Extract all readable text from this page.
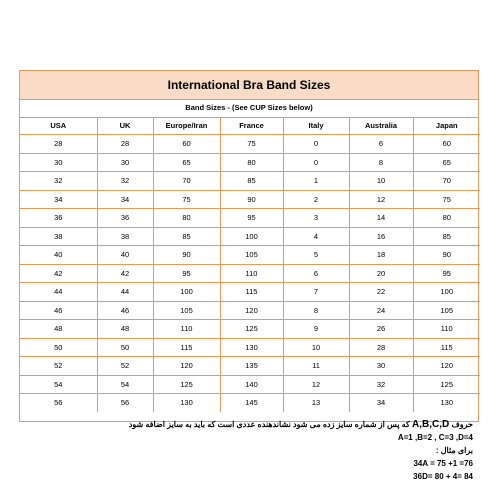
International Bra Band Sizes
Band Sizes - (See CUP Sizes below)
USA	UK	Europe/Iran	France	Italy	Australia	Japan
28	28	60	75	0	6	60
30	30	65	80	0	8	65
32	32	70	85	1	10	70
34	34	75	90	2	12	75
36	36	80	95	3	14	80
38	38	85	100	4	16	85
40	40	90	105	5	18	90
42	42	95	110	6	20	95
44	44	100	115	7	22	100
46	46	105	120	8	24	105
48	48	110	125	9	26	110
50	50	115	130	10	28	115
52	52	120	135	11	30	120
54	54	125	140	12	32	125
56	56	130	145	13	34	130
حروف A,B,C,D که پس از شماره سایز زده می شود نشاندهنده عددی است که باید به سایز اضافه شود
A=1 ,B=2 , C=3 ,D=4
برای مثال :
34A = 75 +1 =76
36D= 80 + 4= 84
